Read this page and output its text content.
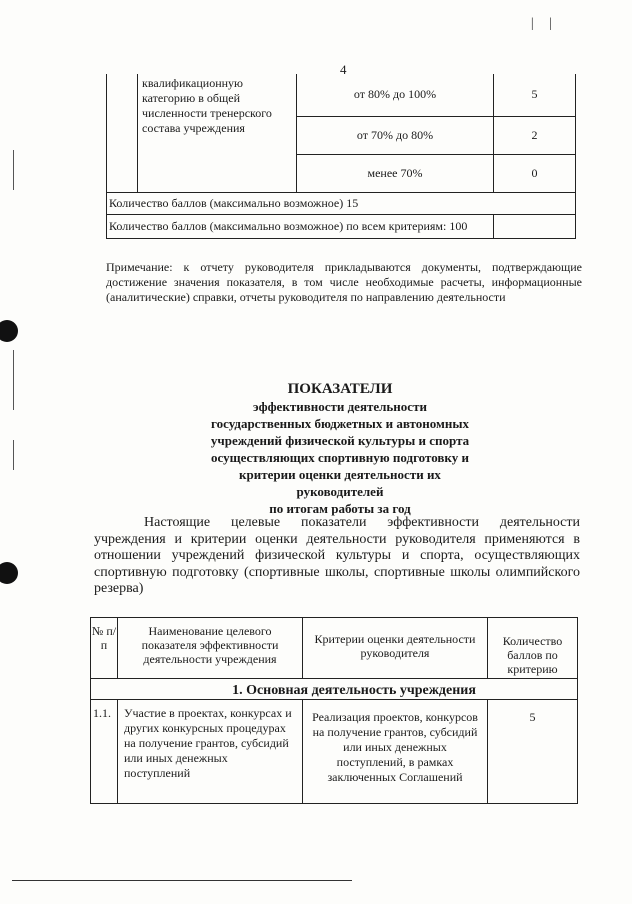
| |
4
	квалификационную категорию в общей численности тренерского состава учреждения	от 80% до 100%	5
		от 70% до 80%	2
		менее 70%	0
Количество баллов (максимально возможное) 15			
Количество баллов (максимально возможное) по всем критериям: 100			
Примечание: к отчету руководителя прикладываются документы, подтверждающие достижение значения показателя, в том числе необходимые расчеты, информационные (аналитические) справки, отчеты руководителя по направлению деятельности
ПОКАЗАТЕЛИ
эффективности деятельности
государственных бюджетных и автономных
учреждений физической культуры и спорта
осуществляющих спортивную подготовку и
критерии оценки деятельности их
руководителей
по итогам работы за год
Настоящие целевые показатели эффективности деятельности учреждения и критерии оценки деятельности руководителя применяются в отношении учреждений физической культуры и спорта, осуществляющих спортивную подготовку (спортивные школы, спортивные школы олимпийского резерва)
№ п/п	Наименование целевого показателя эффективности деятельности учреждения	Критерии оценки деятельности руководителя	Количество баллов по критерию
1. Основная деятельность учреждения			
1.1.	Участие в проектах, конкурсах и других конкурсных процедурах на получение грантов, субсидий или иных денежных поступлений	Реализация проектов, конкурсов на получение грантов, субсидий или иных денежных поступлений, в рамках заключенных Соглашений	5
